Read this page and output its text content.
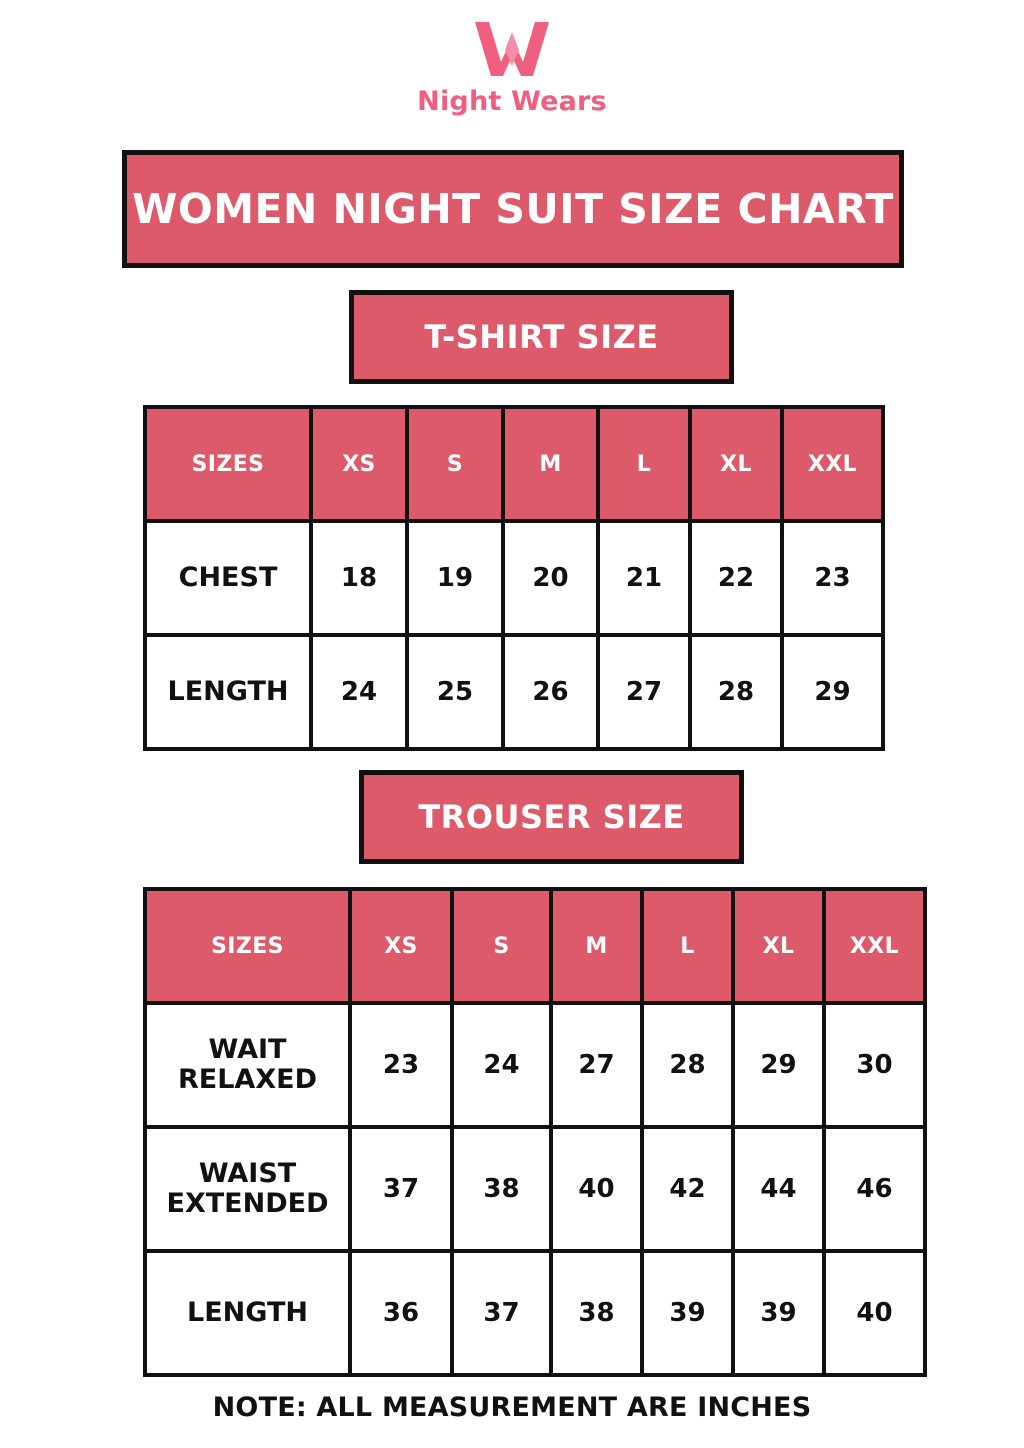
Night Wears
WOMEN NIGHT SUIT SIZE CHART
T-SHIRT SIZE
SIZES	XS	S	M	L	XL	XXL
CHEST	18	19	20	21	22	23
LENGTH	24	25	26	27	28	29
TROUSER SIZE
SIZES	XS	S	M	L	XL	XXL
WAIT RELAXED	23	24	27	28	29	30
WAIST EXTENDED	37	38	40	42	44	46
LENGTH	36	37	38	39	39	40
NOTE: ALL MEASUREMENT ARE INCHES
